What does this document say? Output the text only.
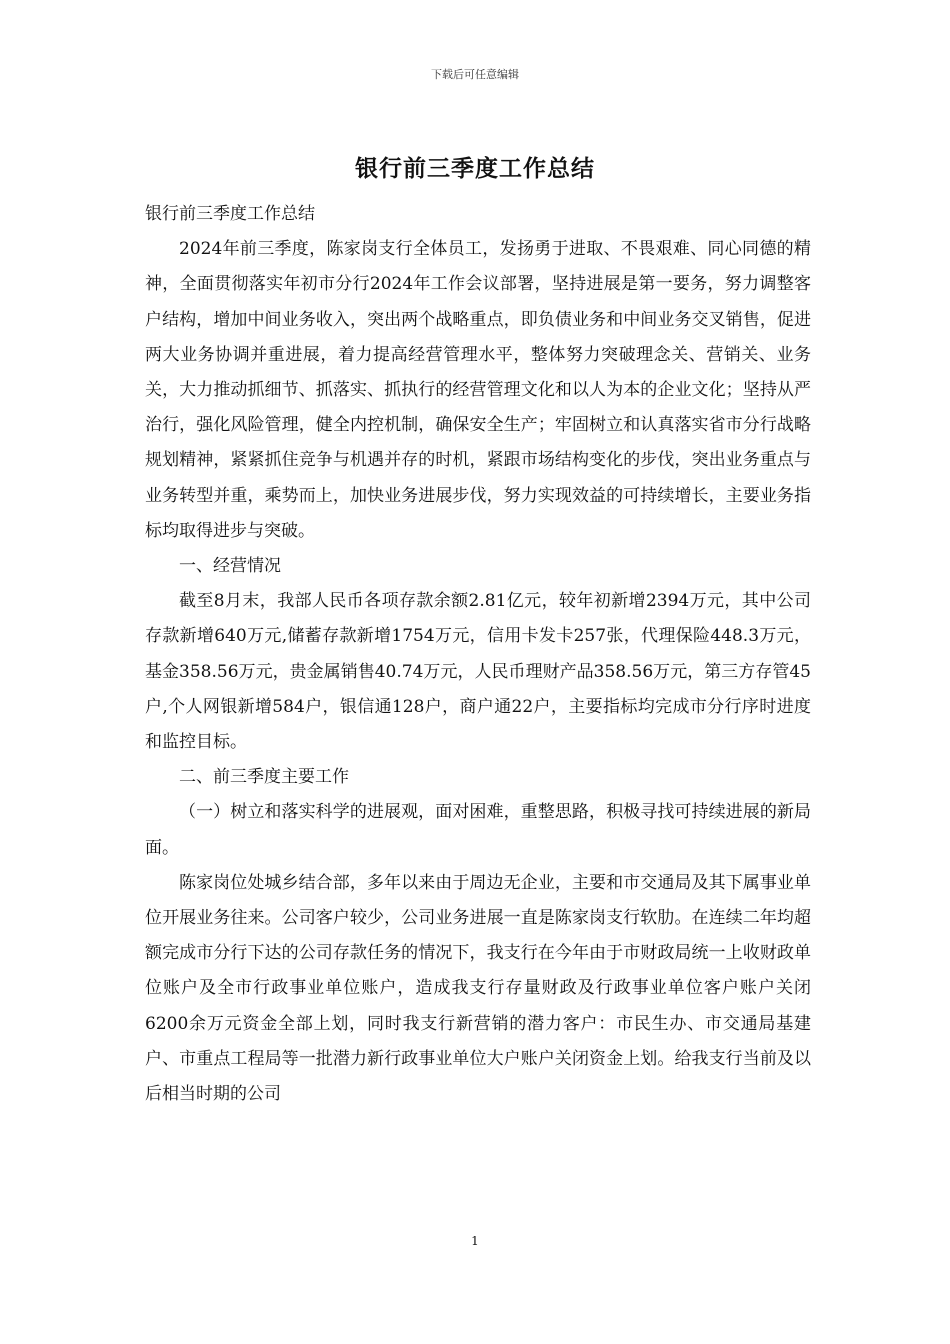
下载后可任意编辑
银行前三季度工作总结

银行前三季度工作总结

2024年前三季度，陈家岗支行全体员工，发扬勇于进取、不畏艰难、同心同德的精神，全面贯彻落实年初市分行2024年工作会议部署，坚持进展是第一要务，努力调整客户结构，增加中间业务收入，突出两个战略重点，即负债业务和中间业务交叉销售，促进两大业务协调并重进展，着力提高经营管理水平，整体努力突破理念关、营销关、业务关，大力推动抓细节、抓落实、抓执行的经营管理文化和以人为本的企业文化；坚持从严治行，强化风险管理，健全内控机制，确保安全生产；牢固树立和认真落实省市分行战略规划精神，紧紧抓住竞争与机遇并存的时机，紧跟市场结构变化的步伐，突出业务重点与业务转型并重，乘势而上，加快业务进展步伐，努力实现效益的可持续增长，主要业务指标均取得进步与突破。

一、经营情况

截至8月末，我部人民币各项存款余额2.81亿元，较年初新增2394万元，其中公司存款新增640万元,储蓄存款新增1754万元，信用卡发卡257张，代理保险448.3万元，基金358.56万元，贵金属销售40.74万元，人民币理财产品358.56万元，第三方存管45户,个人网银新增584户，银信通128户，商户通22户，主要指标均完成市分行序时进度和监控目标。

二、前三季度主要工作

（一）树立和落实科学的进展观，面对困难，重整思路，积极寻找可持续进展的新局面。

陈家岗位处城乡结合部，多年以来由于周边无企业，主要和市交通局及其下属事业单位开展业务往来。公司客户较少，公司业务进展一直是陈家岗支行软肋。在连续二年均超额完成市分行下达的公司存款任务的情况下，我支行在今年由于市财政局统一上收财政单位账户及全市行政事业单位账户，造成我支行存量财政及行政事业单位客户账户关闭6200余万元资金全部上划，同时我支行新营销的潜力客户：市民生办、市交通局基建户、市重点工程局等一批潜力新行政事业单位大户账户关闭资金上划。给我支行当前及以后相当时期的公司

1
